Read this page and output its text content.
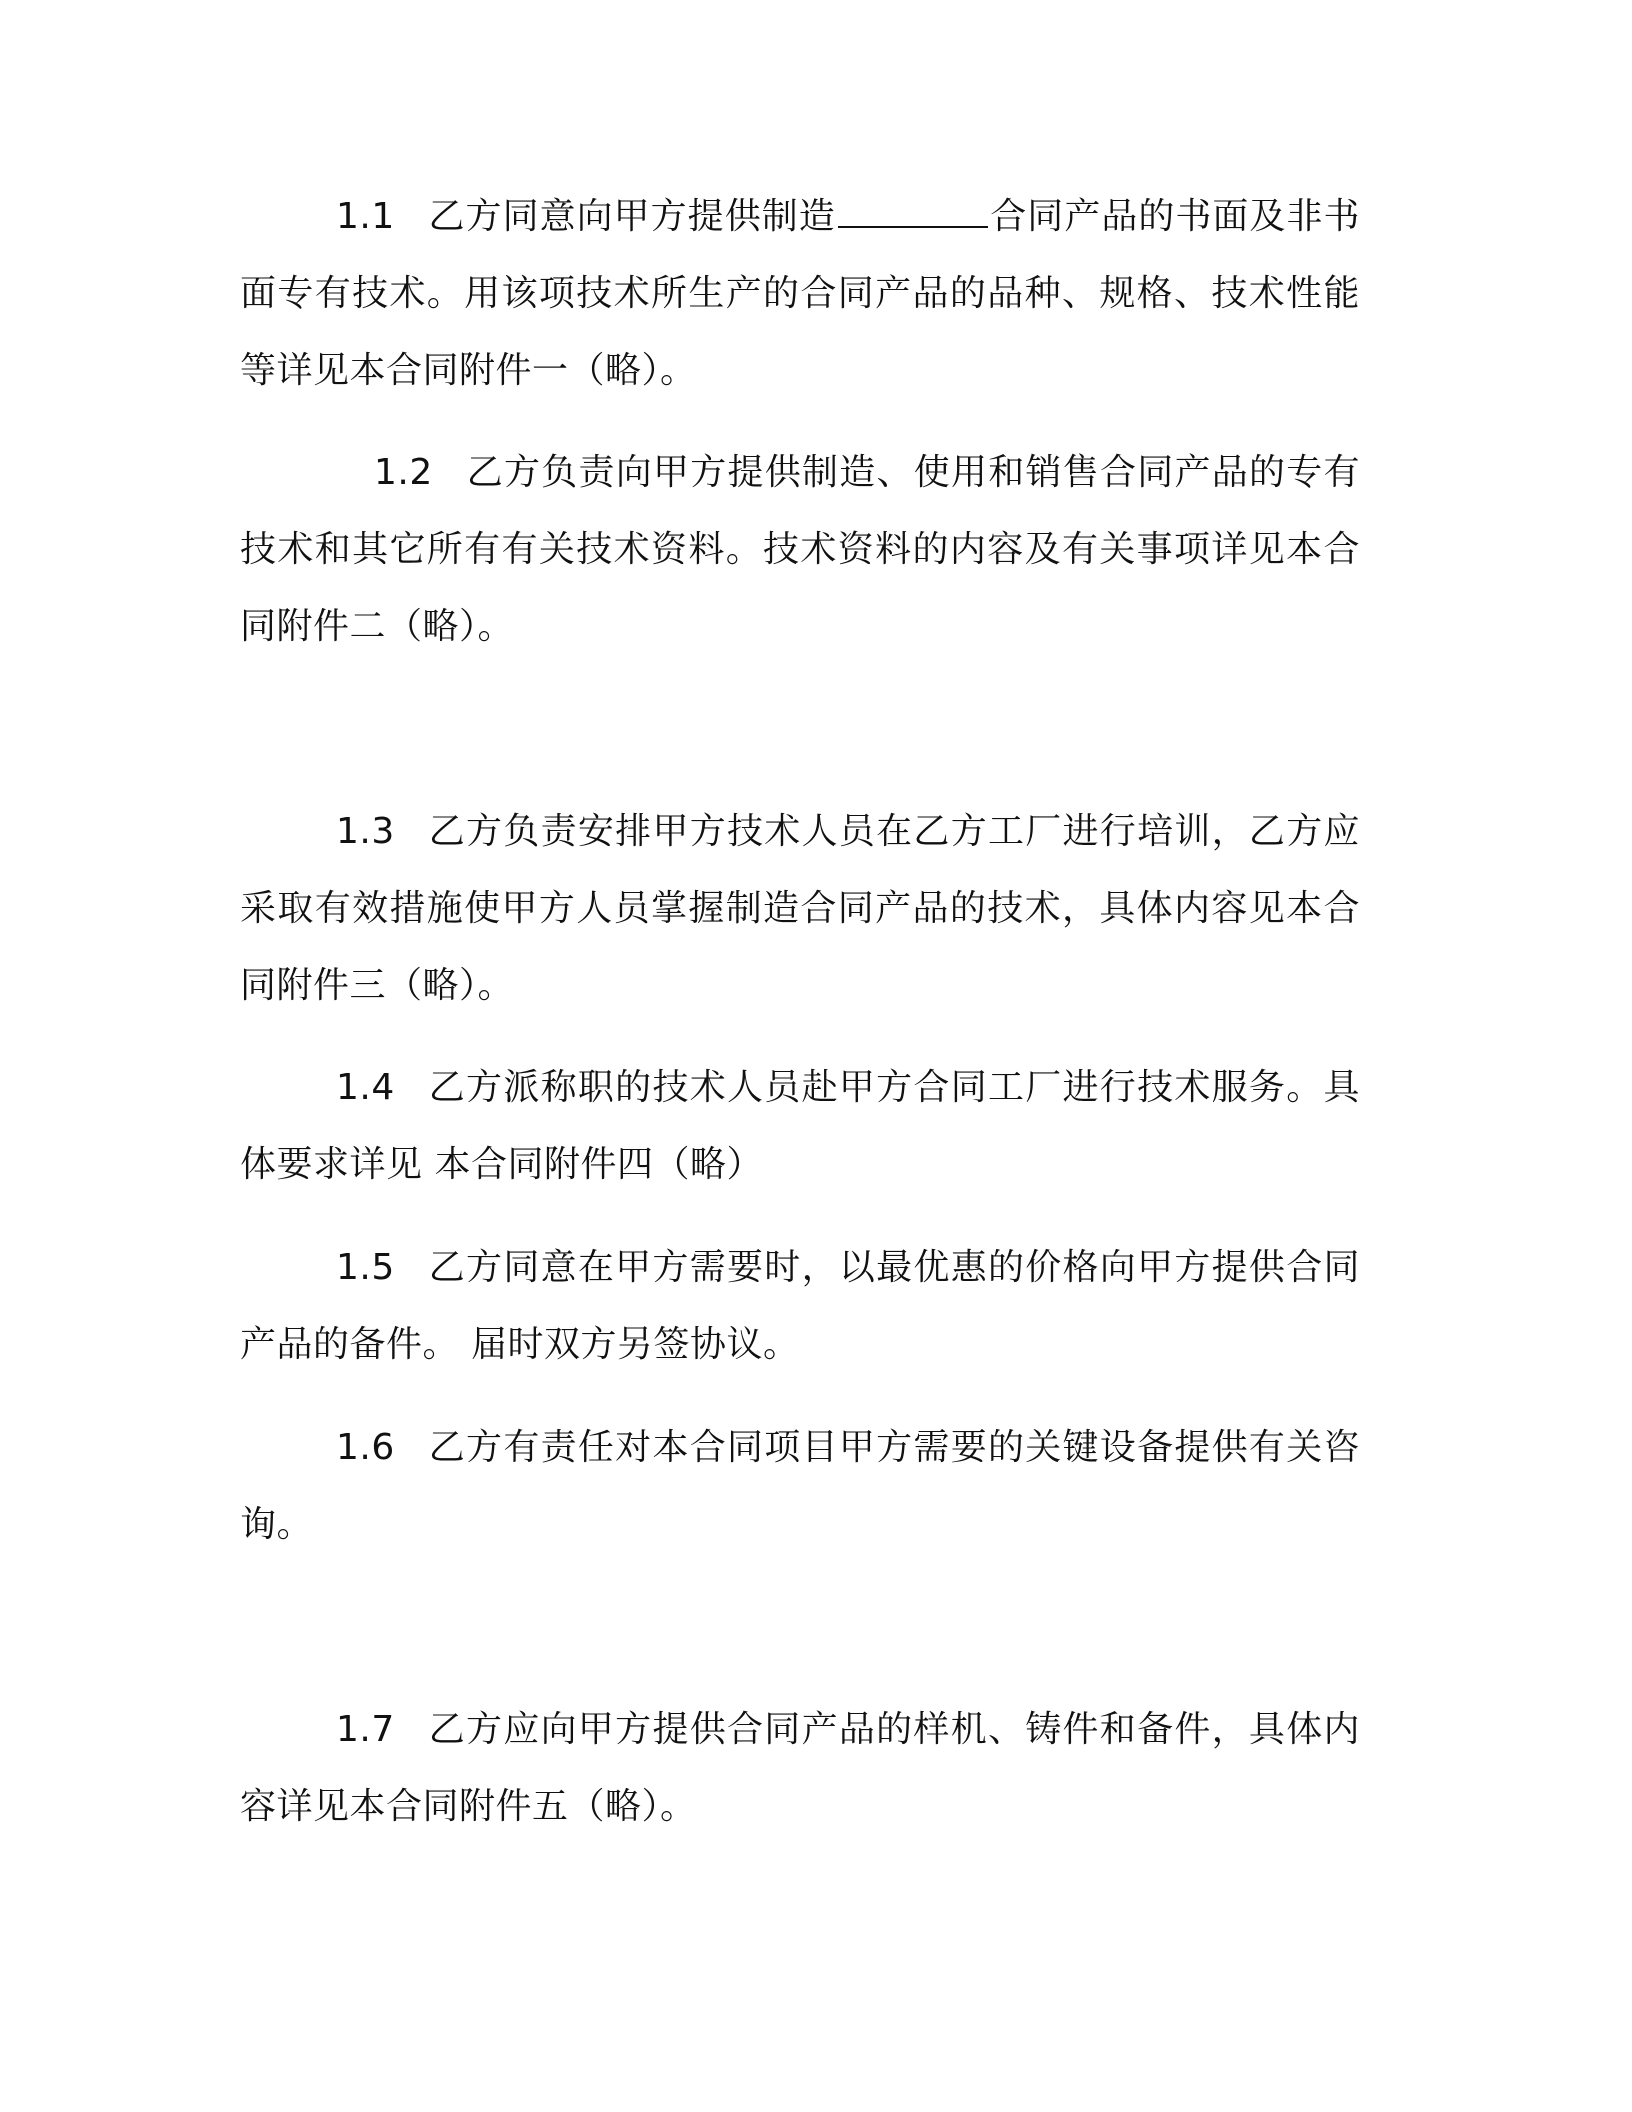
1.1 乙方同意向甲方提供制造	合同产品的书面及非书面专有技术。用该项技术所生产的合同产品的品种、规格、技术性能等详见本合同附件一（略）。

1.2 乙方负责向甲方提供制造、使用和销售合同产品的专有技术和其它所有有关技术资料。技术资料的内容及有关事项详见本合同附件二（略）。

1.3 乙方负责安排甲方技术人员在乙方工厂进行培训，乙方应采取有效措施使甲方人员掌握制造合同产品的技术，具体内容见本合同附件三（略）。

1.4 乙方派称职的技术人员赴甲方合同工厂进行技术服务。具体要求详见 本合同附件四（略）

1.5 乙方同意在甲方需要时，以最优惠的价格向甲方提供合同产品的备件。 届时双方另签协议。

1.6 乙方有责任对本合同项目甲方需要的关键设备提供有关咨询。

1.7 乙方应向甲方提供合同产品的样机、铸件和备件，具体内容详见本合同附件五（略）。
